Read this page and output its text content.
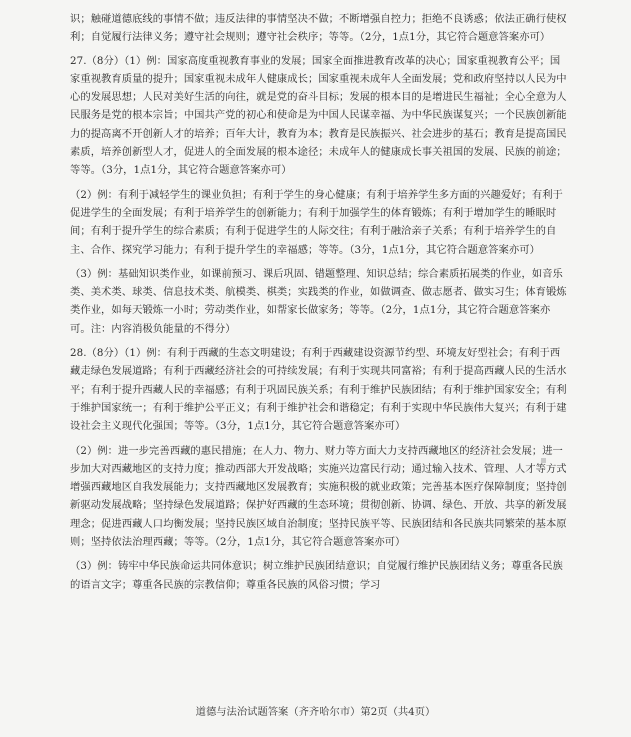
识；触碰道德底线的事情不做；违反法律的事情坚决不做；不断增强自控力；拒绝不良诱惑；依法正确行使权利；自觉履行法律义务；遵守社会规则；遵守社会秩序；等等。（2分，1点1分，其它符合题意答案亦可）

27.（8分）（1）例：国家高度重视教育事业的发展；国家全面推进教育改革的决心；国家重视教育公平；国家重视教育质量的提升；国家重视未成年人健康成长；国家重视未成年人全面发展；党和政府坚持以人民为中心的发展思想；人民对美好生活的向往，就是党的奋斗目标；发展的根本目的是增进民生福祉；全心全意为人民服务是党的根本宗旨；中国共产党的初心和使命是为中国人民谋幸福、为中华民族谋复兴；一个民族创新能力的提高离不开创新人才的培养；百年大计，教育为本；教育是民族振兴、社会进步的基石；教育是提高国民素质，培养创新型人才，促进人的全面发展的根本途径；未成年人的健康成长事关祖国的发展、民族的前途；等等。（3分，1点1分，其它符合题意答案亦可）

（2）例：有利于减轻学生的课业负担；有利于学生的身心健康；有利于培养学生多方面的兴趣爱好；有利于促进学生的全面发展；有利于培养学生的创新能力；有利于加强学生的体育锻炼；有利于增加学生的睡眠时间；有利于提升学生的综合素质；有利于促进学生的人际交往；有利于融洽亲子关系；有利于培养学生的自主、合作、探究学习能力；有利于提升学生的幸福感；等等。（3分，1点1分，其它符合题意答案亦可）

（3）例：基础知识类作业，如课前预习、课后巩固、错题整理、知识总结；综合素质拓展类的作业，如音乐类、美术类、球类、信息技术类、航模类、棋类；实践类的作业，如做调查、做志愿者、做实习生；体育锻炼类作业，如每天锻炼一小时；劳动类作业，如帮家长做家务；等等。（2分，1点1分，其它符合题意答案亦可。注：内容消极负能量的不得分）

28.（8分）（1）例：有利于西藏的生态文明建设；有利于西藏建设资源节约型、环境友好型社会；有利于西藏走绿色发展道路；有利于西藏经济社会的可持续发展；有利于实现共同富裕；有利于提高西藏人民的生活水平；有利于提升西藏人民的幸福感；有利于巩固民族关系；有利于维护民族团结；有利于维护国家安全；有利于维护国家统一；有利于维护公平正义；有利于维护社会和谐稳定；有利于实现中华民族伟大复兴；有利于建设社会主义现代化强国；等等。（3分，1点1分，其它符合题意答案亦可）

（2）例：进一步完善西藏的惠民措施；在人力、物力、财力等方面大力支持西藏地区的经济社会发展；进一步加大对西藏地区的支持力度；推动西部大开发战略；实施兴边富民行动；通过输入技术、管理、人才等方式增强西藏地区自我发展能力；支持西藏地区发展教育；实施积极的就业政策；完善基本医疗保障制度；坚持创新驱动发展战略；坚持绿色发展道路；保护好西藏的生态环境；贯彻创新、协调、绿色、开放、共享的新发展理念；促进西藏人口均衡发展；坚持民族区域自治制度；坚持民族平等、民族团结和各民族共同繁荣的基本原则；坚持依法治理西藏；等等。（2分，1点1分，其它符合题意答案亦可）

（3）例：铸牢中华民族命运共同体意识；树立维护民族团结意识；自觉履行维护民族团结义务；尊重各民族的语言文字；尊重各民族的宗教信仰；尊重各民族的风俗习惯；学习

道德与法治试题答案（齐齐哈尔市）第2页（共4页）
